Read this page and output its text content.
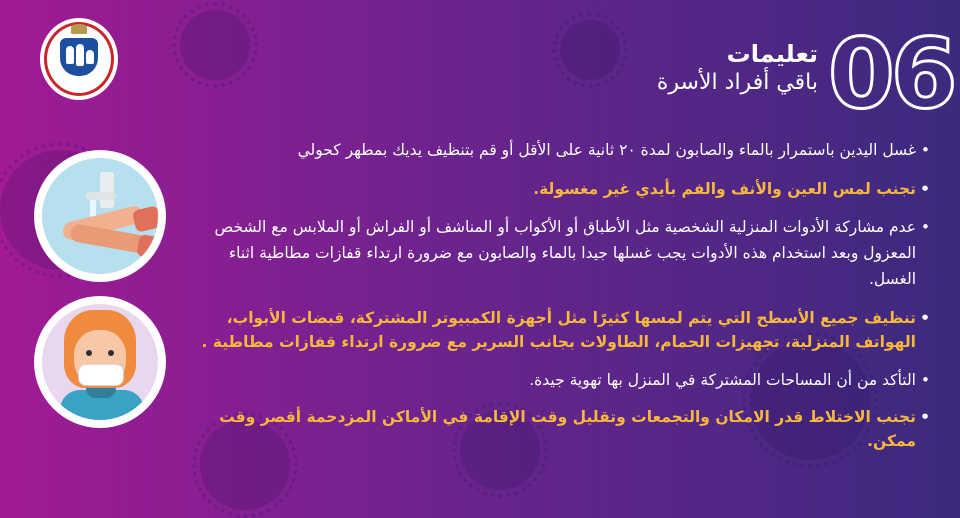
06
تعليمات
باقي أفراد الأسرة
غسل اليدين باستمرار بالماء والصابون لمدة ٢٠ ثانية على الأقل أو قم بتنظيف يديك بمطهر كحولي •
تجنب لمس العين والأنف والفم بأيدي غير مغسولة. •
عدم مشاركة الأدوات المنزلية الشخصية مثل الأطباق أو الأكواب أو المناشف أو الفراش أو الملابس مع الشخص المعزول وبعد استخدام هذه الأدوات يجب غسلها جيدا بالماء والصابون مع ضرورة ارتداء قفازات مطاطية اثناء الغسل. •
تنظيف جميع الأسطح التي يتم لمسها كثيرًا مثل أجهزة الكمبيوتر المشتركة، قبضات الأبواب، الهواتف المنزلية، تجهيزات الحمام، الطاولات بجانب السرير مع ضرورة ارتداء قفازات مطاطية . •
التأكد من أن المساحات المشتركة في المنزل بها تهوية جيدة. •
تجنب الاختلاط قدر الامكان والتجمعات وتقليل وقت الإقامة في الأماكن المزدحمة أقصر وقت ممكن. •
